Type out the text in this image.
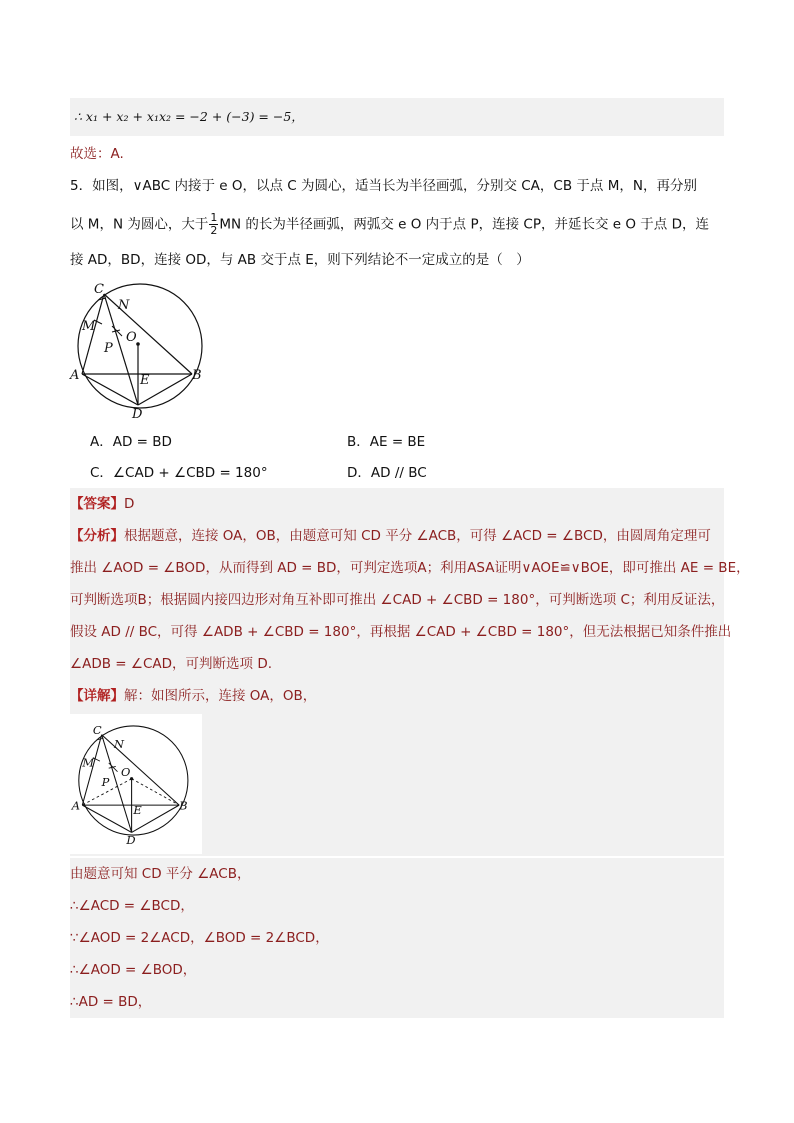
∴ x₁ + x₂ + x₁x₂ = −2 + (−3) = −5，
故选：A.
5．如图，∨ABC 内接于 e O，以点 C 为圆心，适当长为半径画弧，分别交 CA，CB 于点 M，N，再分别
以 M，N 为圆心，大于 $\frac{1}{2}$ MN 的长为半径画弧，两弧交 e O 内于点 P，连接 CP，并延长交 e O 于点 D，连
接 AD，BD，连接 OD，与 AB 交于点 E，则下列结论不一定成立的是（　）
C
N
M
O
P
A	E	B
D
A．AD = BD	B．AE = BE
C．∠CAD + ∠CBD = 180°	D．AD // BC
【答案】D
【分析】根据题意，连接 OA，OB，由题意可知 CD 平分 ∠ACB，可得 ∠ACD = ∠BCD，由圆周角定理可
推出 ∠AOD = ∠BOD，从而得到 AD = BD，可判定选项A；利用ASA证明∨AOE≌∨BOE，即可推出 AE = BE，
可判断选项B；根据圆内接四边形对角互补即可推出 ∠CAD + ∠CBD = 180°，可判断选项 C；利用反证法，
假设 AD // BC，可得 ∠ADB + ∠CBD = 180°，再根据 ∠CAD + ∠CBD = 180°，但无法根据已知条件推出
∠ADB = ∠CAD，可判断选项 D.
【详解】解：如图所示，连接 OA，OB，
C
N
M
O
P
A	E	B
D
由题意可知 CD 平分 ∠ACB，
∴∠ACD = ∠BCD，
∵∠AOD = 2∠ACD，∠BOD = 2∠BCD，
∴∠AOD = ∠BOD，
∴AD = BD，
